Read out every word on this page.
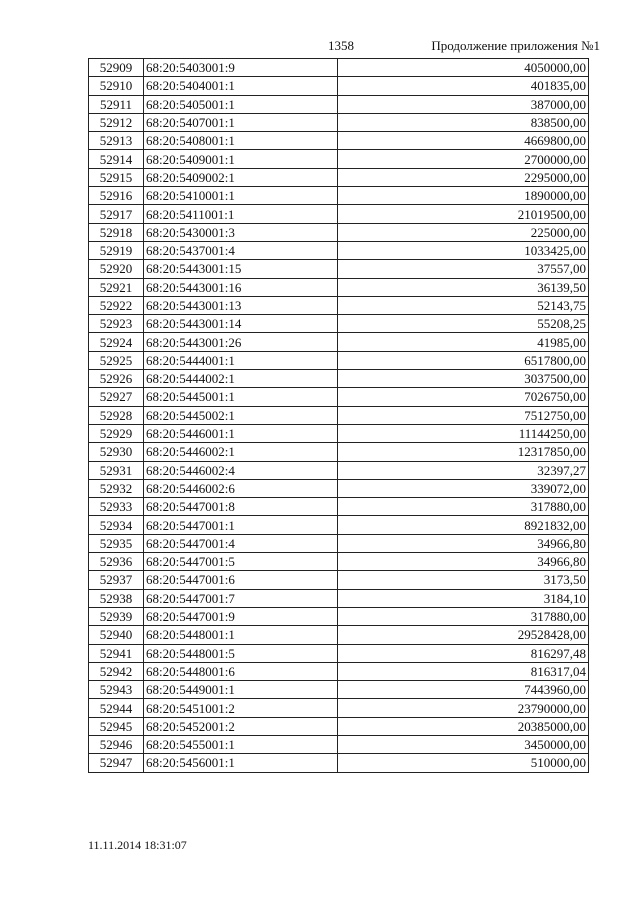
1358	Продолжение приложения №1
52909	68:20:5403001:9	4050000,00
52910	68:20:5404001:1	401835,00
52911	68:20:5405001:1	387000,00
52912	68:20:5407001:1	838500,00
52913	68:20:5408001:1	4669800,00
52914	68:20:5409001:1	2700000,00
52915	68:20:5409002:1	2295000,00
52916	68:20:5410001:1	1890000,00
52917	68:20:5411001:1	21019500,00
52918	68:20:5430001:3	225000,00
52919	68:20:5437001:4	1033425,00
52920	68:20:5443001:15	37557,00
52921	68:20:5443001:16	36139,50
52922	68:20:5443001:13	52143,75
52923	68:20:5443001:14	55208,25
52924	68:20:5443001:26	41985,00
52925	68:20:5444001:1	6517800,00
52926	68:20:5444002:1	3037500,00
52927	68:20:5445001:1	7026750,00
52928	68:20:5445002:1	7512750,00
52929	68:20:5446001:1	11144250,00
52930	68:20:5446002:1	12317850,00
52931	68:20:5446002:4	32397,27
52932	68:20:5446002:6	339072,00
52933	68:20:5447001:8	317880,00
52934	68:20:5447001:1	8921832,00
52935	68:20:5447001:4	34966,80
52936	68:20:5447001:5	34966,80
52937	68:20:5447001:6	3173,50
52938	68:20:5447001:7	3184,10
52939	68:20:5447001:9	317880,00
52940	68:20:5448001:1	29528428,00
52941	68:20:5448001:5	816297,48
52942	68:20:5448001:6	816317,04
52943	68:20:5449001:1	7443960,00
52944	68:20:5451001:2	23790000,00
52945	68:20:5452001:2	20385000,00
52946	68:20:5455001:1	3450000,00
52947	68:20:5456001:1	510000,00
11.11.2014 18:31:07
